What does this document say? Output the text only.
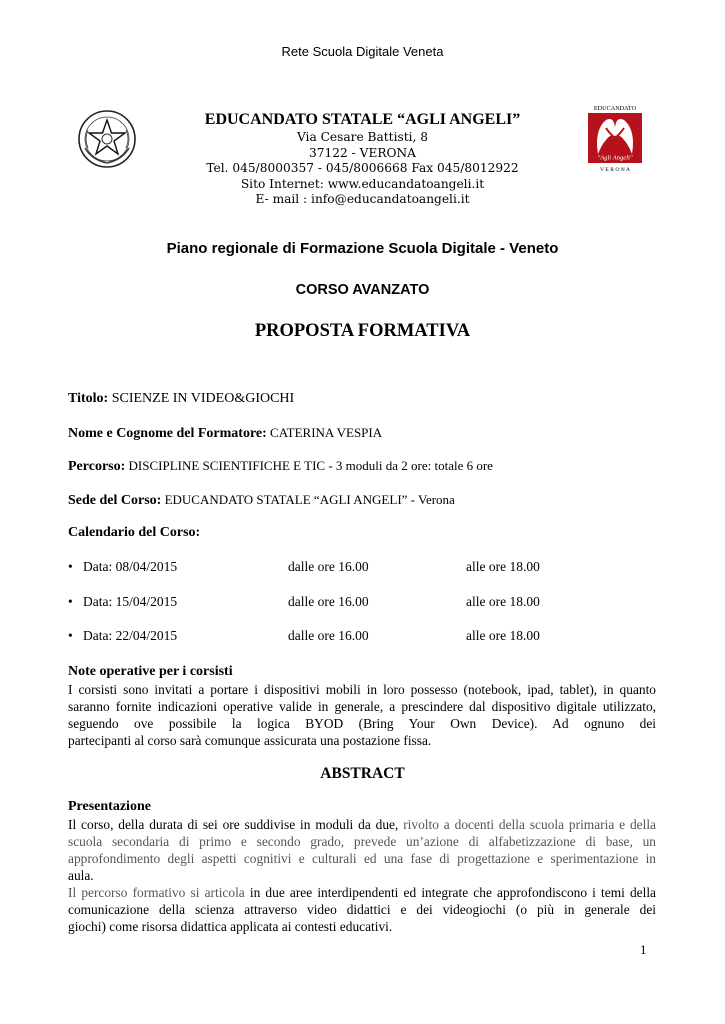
Rete Scuola Digitale Veneta
EDUCANDATO STATALE “AGLI ANGELI”
Via Cesare Battisti, 8
37122 - VERONA
Tel. 045/8000357 - 045/8006668 Fax 045/8012922
Sito Internet: www.educandatoangeli.it
E- mail : info@educandatoangeli.it
EDUCANDATO
"Agli Angeli"
V E R O N A
Piano regionale di Formazione Scuola Digitale - Veneto
CORSO AVANZATO
PROPOSTA FORMATIVA
Titolo: SCIENZE IN VIDEO&GIOCHI
Nome e Cognome del Formatore: CATERINA VESPIA
Percorso: DISCIPLINE SCIENTIFICHE E TIC - 3 moduli da 2 ore: totale 6 ore
Sede del Corso: EDUCANDATO STATALE “AGLI ANGELI” - Verona
Calendario del Corso:
• Data: 08/04/2015	dalle ore 16.00	alle ore 18.00
• Data: 15/04/2015	dalle ore 16.00	alle ore 18.00
• Data: 22/04/2015	dalle ore 16.00	alle ore 18.00
Note operative per i corsisti
I corsisti sono invitati a portare i dispositivi mobili in loro possesso (notebook, ipad, tablet), in quanto saranno fornite indicazioni operative valide in generale, a prescindere dal dispositivo digitale utilizzato, seguendo ove possibile la logica BYOD (Bring Your Own Device). Ad ognuno dei
partecipanti al corso sarà comunque assicurata una postazione fissa.
ABSTRACT
Presentazione
Il corso, della durata di sei ore suddivise in moduli da due, rivolto a docenti della scuola primaria e della scuola secondaria di primo e secondo grado, prevede un’azione di alfabetizzazione di base, un approfondimento degli aspetti cognitivi e culturali ed una fase di progettazione e sperimentazione in
aula.
Il percorso formativo si articola in due aree interdipendenti ed integrate che approfondiscono i temi della comunicazione della scienza attraverso video didattici e dei videogiochi (o più in generale dei
giochi) come risorsa didattica applicata ai contesti educativi.
1
